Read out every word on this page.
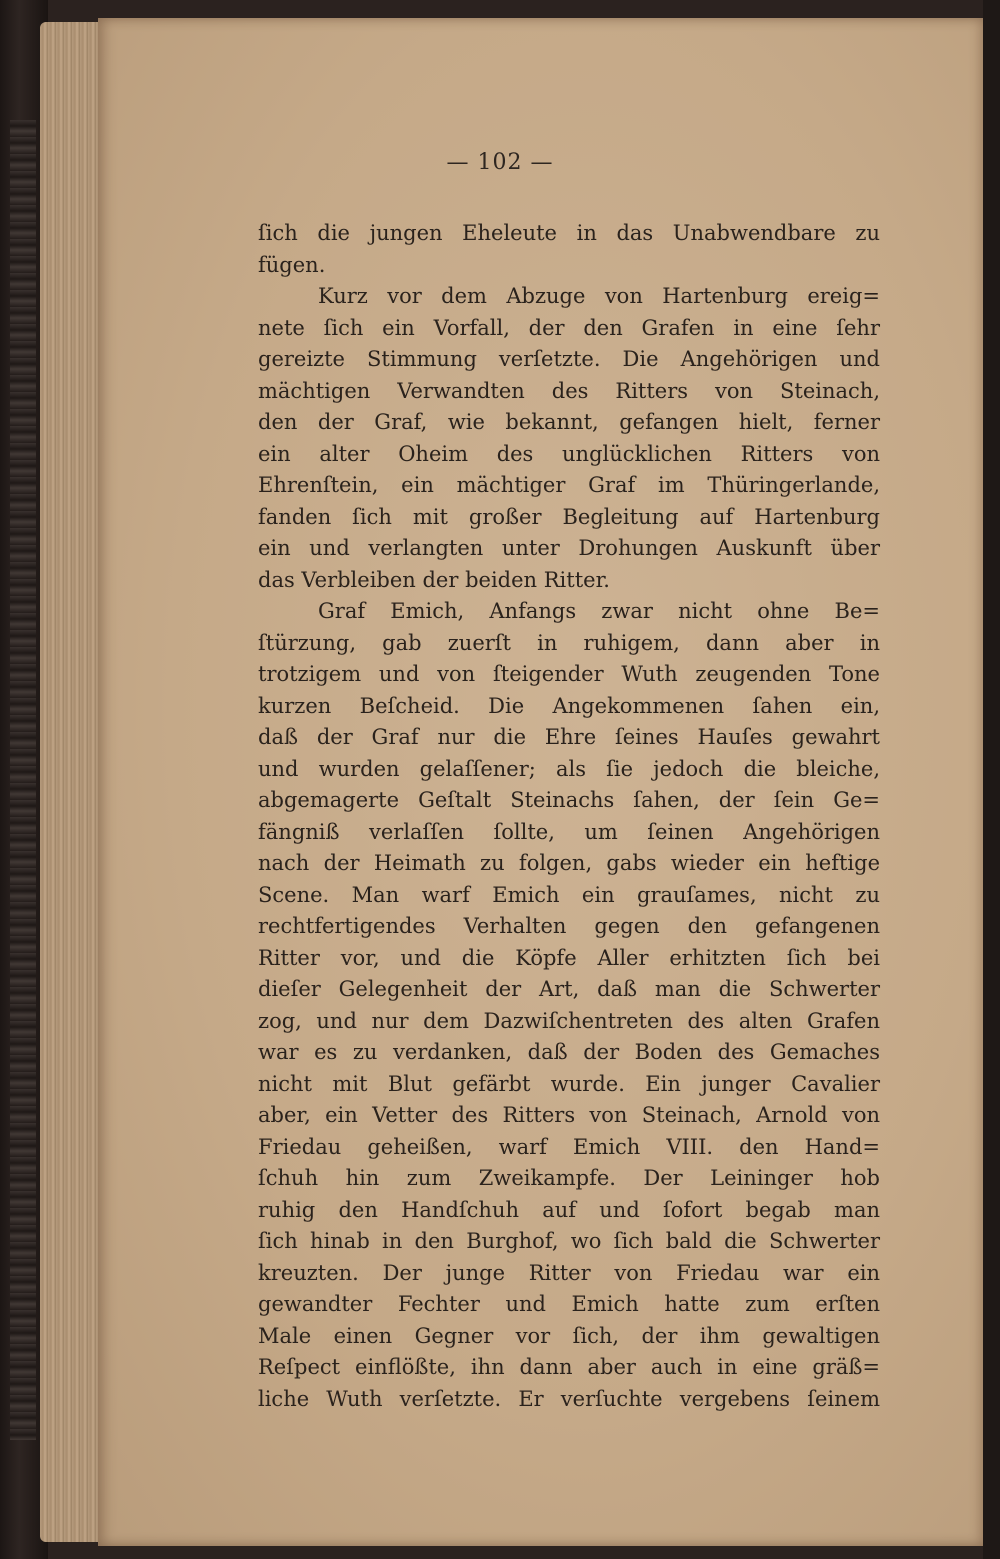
— 102 —
ſich die jungen Eheleute in das Unabwendbare zu
fügen.
Kurz vor dem Abzuge von Hartenburg ereig=
nete ſich ein Vorfall, der den Grafen in eine ſehr
gereizte Stimmung verſetzte. Die Angehörigen und
mächtigen Verwandten des Ritters von Steinach,
den der Graf, wie bekannt, gefangen hielt, ferner
ein alter Oheim des unglücklichen Ritters von
Ehrenſtein, ein mächtiger Graf im Thüringerlande,
fanden ſich mit großer Begleitung auf Hartenburg
ein und verlangten unter Drohungen Auskunft über
das Verbleiben der beiden Ritter.
Graf Emich, Anfangs zwar nicht ohne Be=
ſtürzung, gab zuerſt in ruhigem, dann aber in
trotzigem und von ſteigender Wuth zeugenden Tone
kurzen Beſcheid. Die Angekommenen ſahen ein,
daß der Graf nur die Ehre ſeines Hauſes gewahrt
und wurden gelaſſener; als ſie jedoch die bleiche,
abgemagerte Geſtalt Steinachs ſahen, der ſein Ge=
fängniß verlaſſen ſollte, um ſeinen Angehörigen
nach der Heimath zu folgen, gabs wieder ein heftige
Scene. Man warf Emich ein grauſames, nicht zu
rechtfertigendes Verhalten gegen den gefangenen
Ritter vor, und die Köpfe Aller erhitzten ſich bei
dieſer Gelegenheit der Art, daß man die Schwerter
zog, und nur dem Dazwiſchentreten des alten Grafen
war es zu verdanken, daß der Boden des Gemaches
nicht mit Blut gefärbt wurde. Ein junger Cavalier
aber, ein Vetter des Ritters von Steinach, Arnold von
Friedau geheißen, warf Emich VIII. den Hand=
ſchuh hin zum Zweikampfe. Der Leininger hob
ruhig den Handſchuh auf und ſofort begab man
ſich hinab in den Burghof, wo ſich bald die Schwerter
kreuzten. Der junge Ritter von Friedau war ein
gewandter Fechter und Emich hatte zum erſten
Male einen Gegner vor ſich, der ihm gewaltigen
Reſpect einflößte, ihn dann aber auch in eine gräß=
liche Wuth verſetzte. Er verſuchte vergebens ſeinem
